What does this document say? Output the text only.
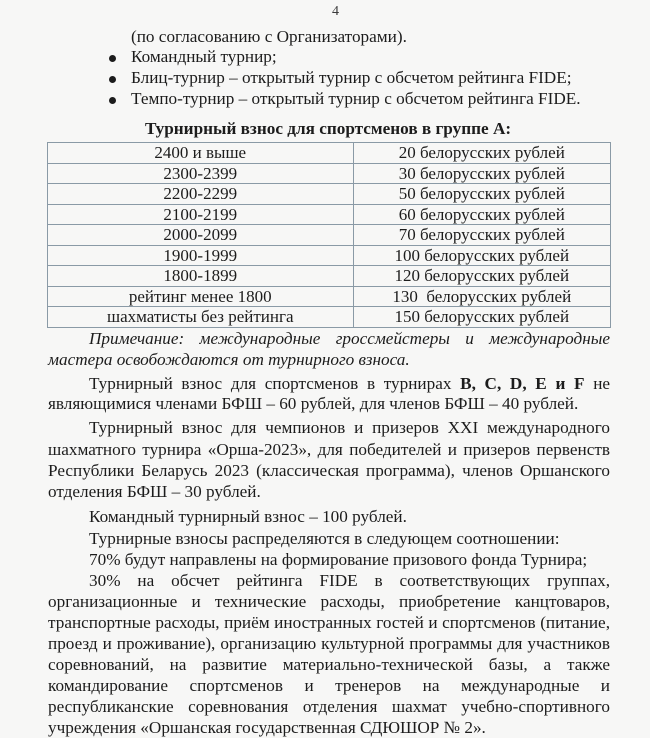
4
(по согласованию с Организаторами).
Командный турнир;
Блиц-турнир – открытый турнир с обсчетом рейтинга FIDE;
Темпо-турнир – открытый турнир с обсчетом рейтинга FIDE.
Турнирный взнос для спортсменов в группе А:
2400 и выше	20 белорусских рублей
2300-2399	30 белорусских рублей
2200-2299	50 белорусских рублей
2100-2199	60 белорусских рублей
2000-2099	70 белорусских рублей
1900-1999	100 белорусских рублей
1800-1899	120 белорусских рублей
рейтинг менее 1800	130  белорусских рублей
шахматисты без рейтинга	150 белорусских рублей
Примечание: международные гроссмейстеры и международные
мастера освобождаются от турнирного взноса.
Турнирный взнос для спортсменов в турнирах B, C, D, E и F не
являющимися членами БФШ – 60 рублей, для членов БФШ – 40 рублей.
Турнирный взнос для чемпионов и призеров XXI международного
шахматного турнира «Орша-2023», для победителей и призеров первенств
Республики Беларусь 2023 (классическая программа), членов Оршанского
отделения БФШ – 30 рублей.
Командный турнирный взнос – 100 рублей.
Турнирные взносы распределяются в следующем соотношении:
70% будут направлены на формирование призового фонда Турнира;
30% на обсчет рейтинга FIDE в соответствующих группах,
организационные и технические расходы, приобретение канцтоваров,
транспортные расходы, приём иностранных гостей и спортсменов (питание,
проезд и проживание), организацию культурной программы для участников
соревнований, на развитие материально-технической базы, а также
командирование спортсменов и тренеров на международные и
республиканские соревнования отделения шахмат учебно-спортивного
учреждения «Оршанская государственная СДЮШОР № 2».
